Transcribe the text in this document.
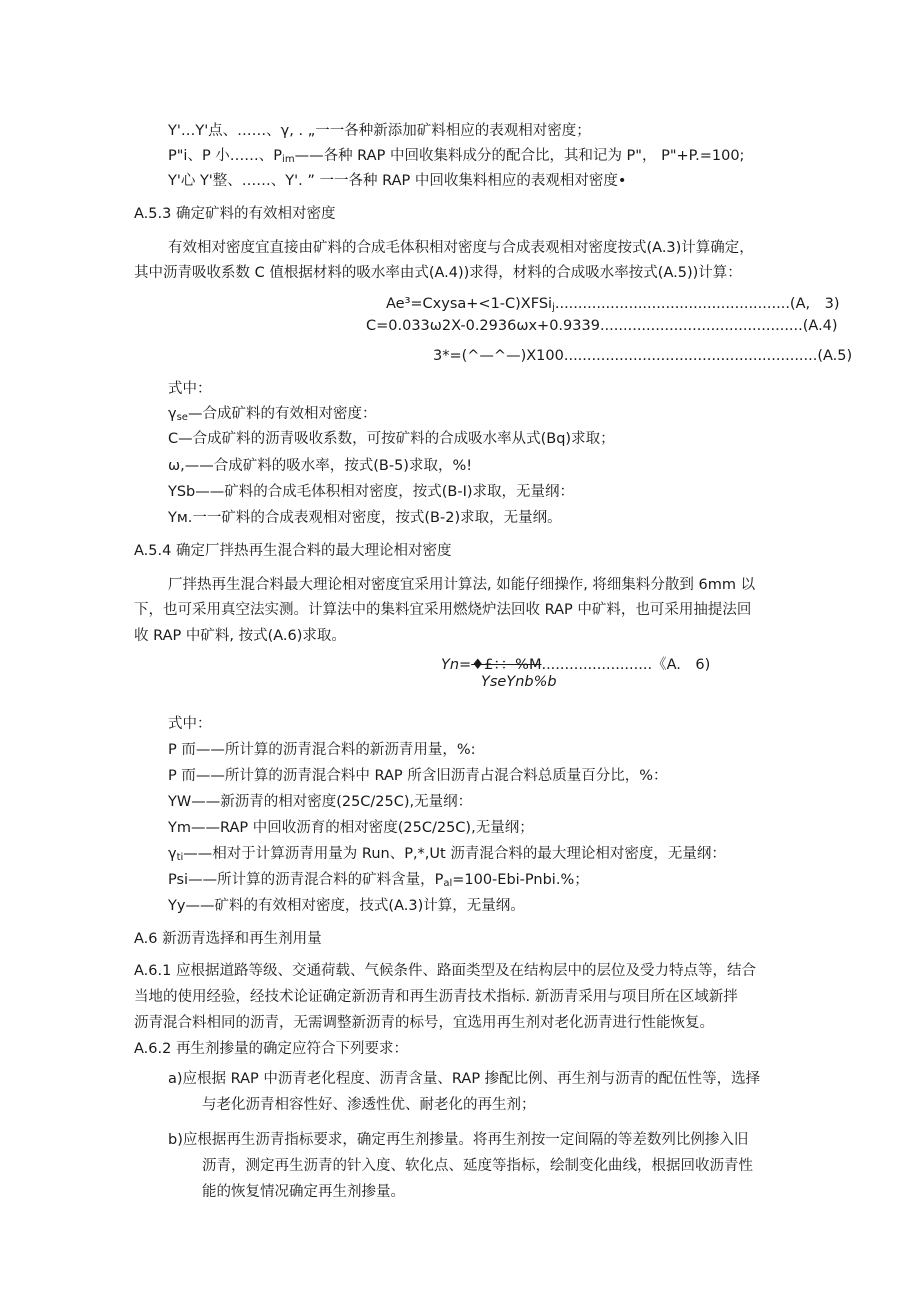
Y'…Y'点、……、γ, . „一一各种新添加矿料相应的表观相对密度；
P"i、P 小……、$P_{im}——$各种 RAP 中回收集料成分的配合比，其和记为 P"， P"+P.=100;
Y'心 Y'整、……、Y'. ” 一一各种 RAP 中回收集料相应的表观相对密度•
A.5.3 确定矿料的有效相对密度
有效相对密度宜直接由矿料的合成毛体积相对密度与合成表观相对密度按式(A.3)计算确定，
其中沥青吸收系数 C 值根据材料的吸水率由式(A.4))求得，材料的合成吸水率按式(A.5))计算：
Ae³=Cxysa+<1-C)XFSi$_j$...................................................(A,　3)
C=0.033ω2X-0.2936ωx+0.9339............................................(A.4)
3*=(^—^—)X100.......................................................(A.5)
式中：
$\gamma_{se}—$合成矿料的有效相对密度：
C—合成矿料的沥青吸收系数，可按矿料的合成吸水率从式(Bq)求取；
ω,——合成矿料的吸水率，按式(B-5)求取，%!
YSb——矿料的合成毛体积相对密度，按式(B-I)求取，无量纲：
Yм.一一矿料的合成表观相对密度，按式(B-2)求取，无量纲。
A.5.4 确定厂拌热再生混合料的最大理论相对密度
厂拌热再生混合料最大理论相对密度宜采用计算法, 如能仔细操作, 将细集料分散到 6mm 以
下，也可采用真空法实测。计算法中的集料宜采用燃烧炉法回收 RAP 中矿料，也可采用抽提法回
收 RAP 中矿料, 按式(A.6)求取。
Yn=♦£：：%M........................《A.　6)
YseYnb%b
式中：
P 而——所计算的沥青混合料的新沥青用量，%:
P 而——所计算的沥青混合料中 RAP 所含旧沥青占混合料总质量百分比，%：
YW——新沥青的相对密度(25C/25C),无量纲：
Ym——RAP 中回收沥育的相对密度(25C/25C),无量纲；
$\gamma_{ti}——$相对于计算沥青用量为 Run、P,*,Ut 沥青混合料的最大理论相对密度，无量纲：
Psi——所计算的沥青混合料的矿料含量，$P_{al}=100-Ebi-Pnbi.\%$；
Yy——矿料的有效相对密度，技式(A.3)计算，无量纲。
A.6 新沥青选择和再生剂用量
A.6.1 应根据道路等级、交通荷载、气候条件、路面类型及在结构层中的层位及受力特点等，结合
当地的使用经验，经技术论证确定新沥青和再生沥青技术指标. 新沥青采用与项目所在区域新拌
沥青混合料相同的沥青，无需调整新沥青的标号，宜选用再生剂对老化沥青进行性能恢复。
A.6.2 再生剂掺量的确定应符合下列要求：
a)应根据 RAP 中沥青老化程度、沥青含量、RAP 掺配比例、再生剂与沥青的配伍性等，选择
与老化沥青相容性好、渗透性优、耐老化的再生剂；
b)应根据再生沥青指标要求，确定再生剂掺量。将再生剂按一定间隔的等差数列比例掺入旧
沥青，测定再生沥青的针入度、软化点、延度等指标，绘制变化曲线，根据回收沥青性
能的恢复情况确定再生剂掺量。
